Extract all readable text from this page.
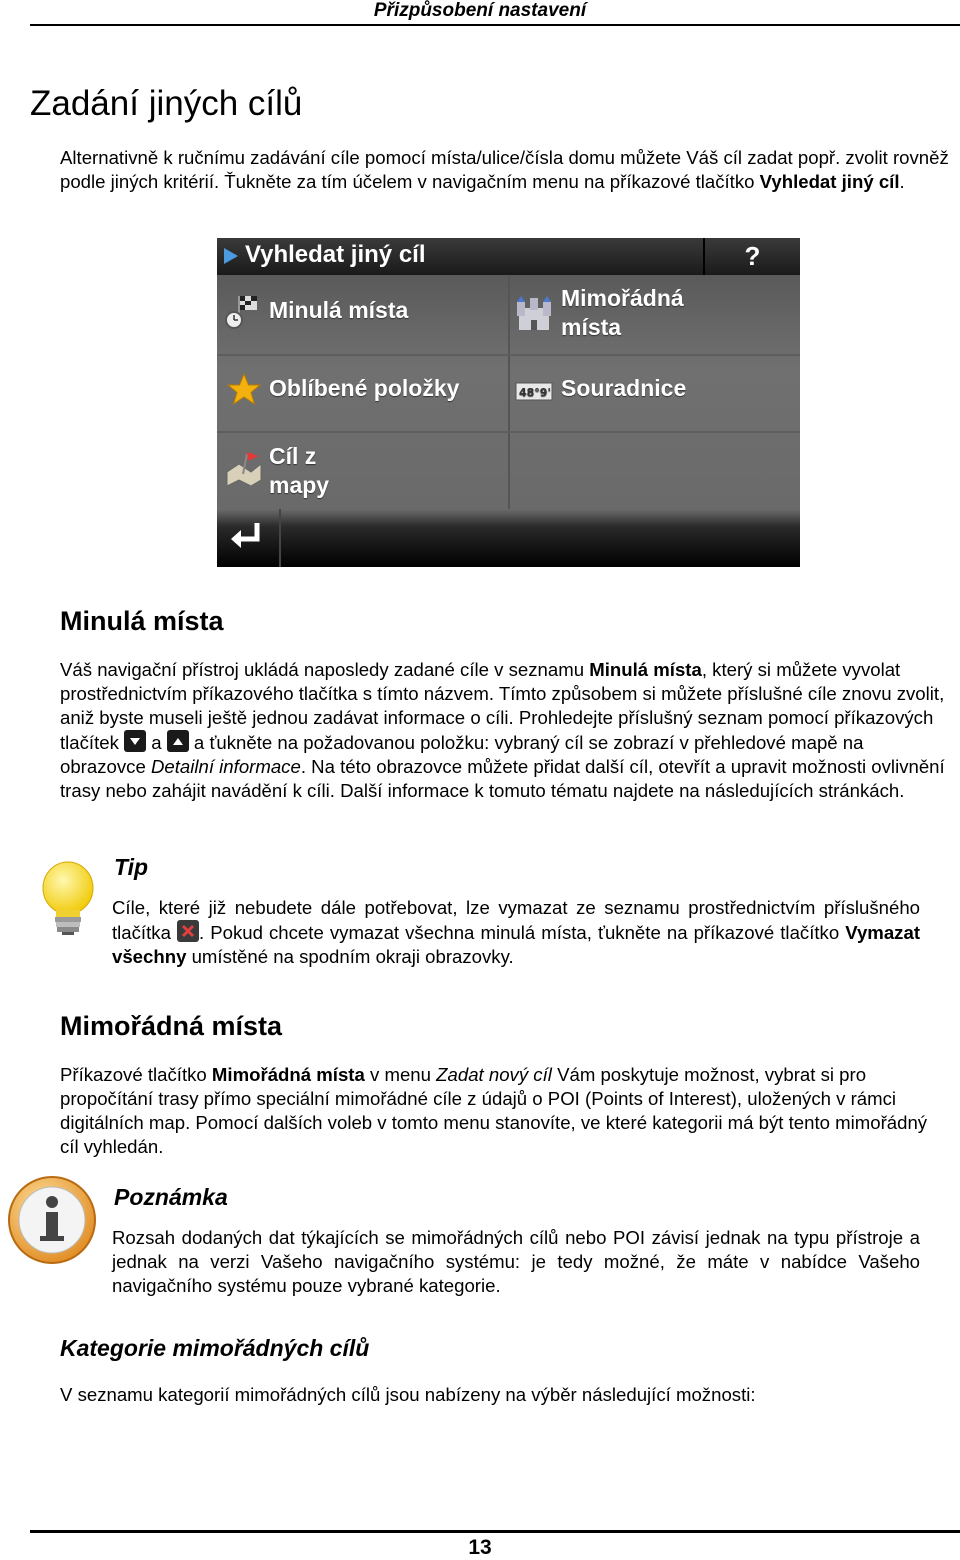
Přizpůsobení nastavení
Zadání jiných cílů

Alternativně k ručnímu zadávání cíle pomocí místa/ulice/čísla domu můžete Váš cíl zadat popř. zvolit rovněž podle jiných kritérií. Ťukněte za tím účelem v navigačním menu na příkazové tlačítko Vyhledat jiný cíl.

Vyhledat jiný cíl	?
Minulá místa	Mimořádná
místa
Oblíbené položky	48°9' Souradnice
Cíl z
mapy
Minulá místa

Váš navigační přístroj ukládá naposledy zadané cíle v seznamu Minulá místa, který si můžete vyvolat prostřednictvím příkazového tlačítka s tímto názvem. Tímto způsobem si můžete příslušné cíle znovu zvolit, aniž byste museli ještě jednou zadávat informace o cíli. Prohledejte příslušný seznam pomocí příkazových tlačítek
a
a ťukněte na požadovanou položku: vybraný cíl se zobrazí v přehledové mapě na obrazovce Detailní informace. Na této obrazovce můžete přidat další cíl, otevřít a upravit možnosti ovlivnění trasy nebo zahájit navádění k cíli. Další informace k tomuto tématu najdete na následujících stránkách.

Tip

Cíle, které již nebudete dále potřebovat, lze vymazat ze seznamu prostřednictvím příslušného tlačítka
. Pokud chcete vymazat všechna minulá místa, ťukněte na příkazové tlačítko Vymazat všechny umístěné na spodním okraji obrazovky.

Mimořádná místa

Příkazové tlačítko Mimořádná místa v menu Zadat nový cíl Vám poskytuje možnost, vybrat si pro propočítání trasy přímo speciální mimořádné cíle z údajů o POI (Points of Interest), uložených v rámci digitálních map. Pomocí dalších voleb v tomto menu stanovíte, ve které kategorii má být tento mimořádný cíl vyhledán.

Poznámka

Rozsah dodaných dat týkajících se mimořádných cílů nebo POI závisí jednak na typu přístroje a jednak na verzi Vašeho navigačního systému: je tedy možné, že máte v nabídce Vašeho navigačního systému pouze vybrané kategorie.

Kategorie mimořádných cílů

V seznamu kategorií mimořádných cílů jsou nabízeny na výběr následující možnosti:

13
